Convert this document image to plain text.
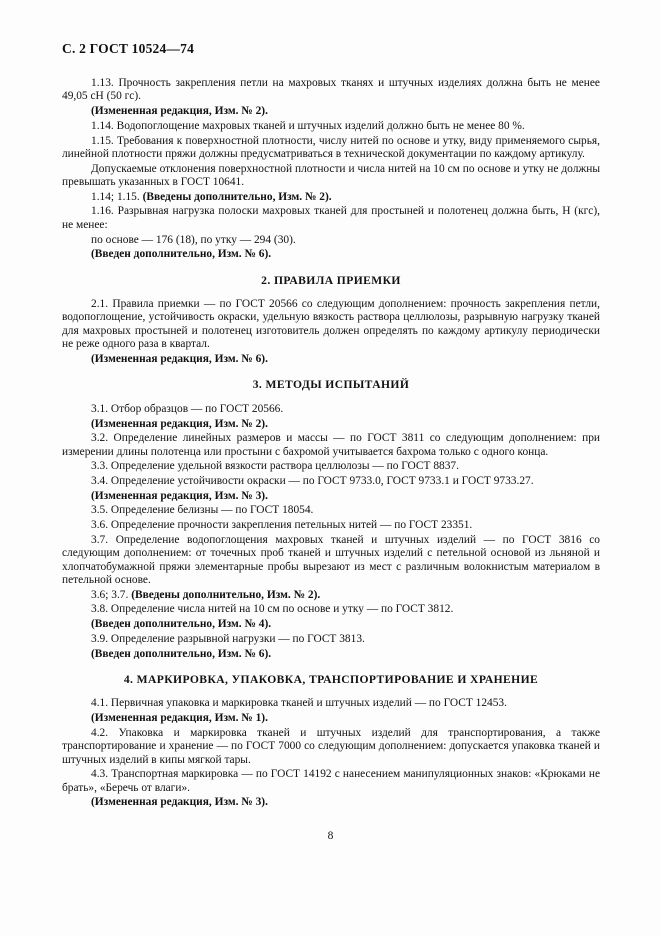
С. 2 ГОСТ 10524—74

1.13. Прочность закрепления петли на махровых тканях и штучных изделиях должна быть не менее 49,05 сН (50 гс).

(Измененная редакция, Изм. № 2).

1.14. Водопоглощение махровых тканей и штучных изделий должно быть не менее 80 %.

1.15. Требования к поверхностной плотности, числу нитей по основе и утку, виду применяемого сырья, линейной плотности пряжи должны предусматриваться в технической документации по каждому артикулу.

Допускаемые отклонения поверхностной плотности и числа нитей на 10 см по основе и утку не должны превышать указанных в ГОСТ 10641.

1.14; 1.15. (Введены дополнительно, Изм. № 2).

1.16. Разрывная нагрузка полоски махровых тканей для простыней и полотенец должна быть, Н (кгс), не менее:

по основе — 176 (18), по утку — 294 (30).

(Введен дополнительно, Изм. № 6).

2. ПРАВИЛА ПРИЕМКИ

2.1. Правила приемки — по ГОСТ 20566 со следующим дополнением: прочность закрепления петли, водопоглощение, устойчивость окраски, удельную вязкость раствора целлюлозы, разрывную нагрузку тканей для махровых простыней и полотенец изготовитель должен определять по каждому артикулу периодически не реже одного раза в квартал.

(Измененная редакция, Изм. № 6).

3. МЕТОДЫ ИСПЫТАНИЙ

3.1. Отбор образцов — по ГОСТ 20566.

(Измененная редакция, Изм. № 2).

3.2. Определение линейных размеров и массы — по ГОСТ 3811 со следующим дополнением: при измерении длины полотенца или простыни с бахромой учитывается бахрома только с одного конца.

3.3. Определение удельной вязкости раствора целлюлозы — по ГОСТ 8837.

3.4. Определение устойчивости окраски — по ГОСТ 9733.0, ГОСТ 9733.1 и ГОСТ 9733.27.

(Измененная редакция, Изм. № 3).

3.5. Определение белизны — по ГОСТ 18054.

3.6. Определение прочности закрепления петельных нитей — по ГОСТ 23351.

3.7. Определение водопоглощения махровых тканей и штучных изделий — по ГОСТ 3816 со следующим дополнением: от точечных проб тканей и штучных изделий с петельной основой из льняной и хлопчатобумажной пряжи элементарные пробы вырезают из мест с различным волокнистым материалом в петельной основе.

3.6; 3.7. (Введены дополнительно, Изм. № 2).

3.8. Определение числа нитей на 10 см по основе и утку — по ГОСТ 3812.

(Введен дополнительно, Изм. № 4).

3.9. Определение разрывной нагрузки — по ГОСТ 3813.

(Введен дополнительно, Изм. № 6).

4. МАРКИРОВКА, УПАКОВКА, ТРАНСПОРТИРОВАНИЕ И ХРАНЕНИЕ

4.1. Первичная упаковка и маркировка тканей и штучных изделий — по ГОСТ 12453.

(Измененная редакция, Изм. № 1).

4.2. Упаковка и маркировка тканей и штучных изделий для транспортирования, а также транспортирование и хранение — по ГОСТ 7000 со следующим дополнением: допускается упаковка тканей и штучных изделий в кипы мягкой тары.

4.3. Транспортная маркировка — по ГОСТ 14192 с нанесением манипуляционных знаков: «Крюками не брать», «Беречь от влаги».

(Измененная редакция, Изм. № 3).

8
